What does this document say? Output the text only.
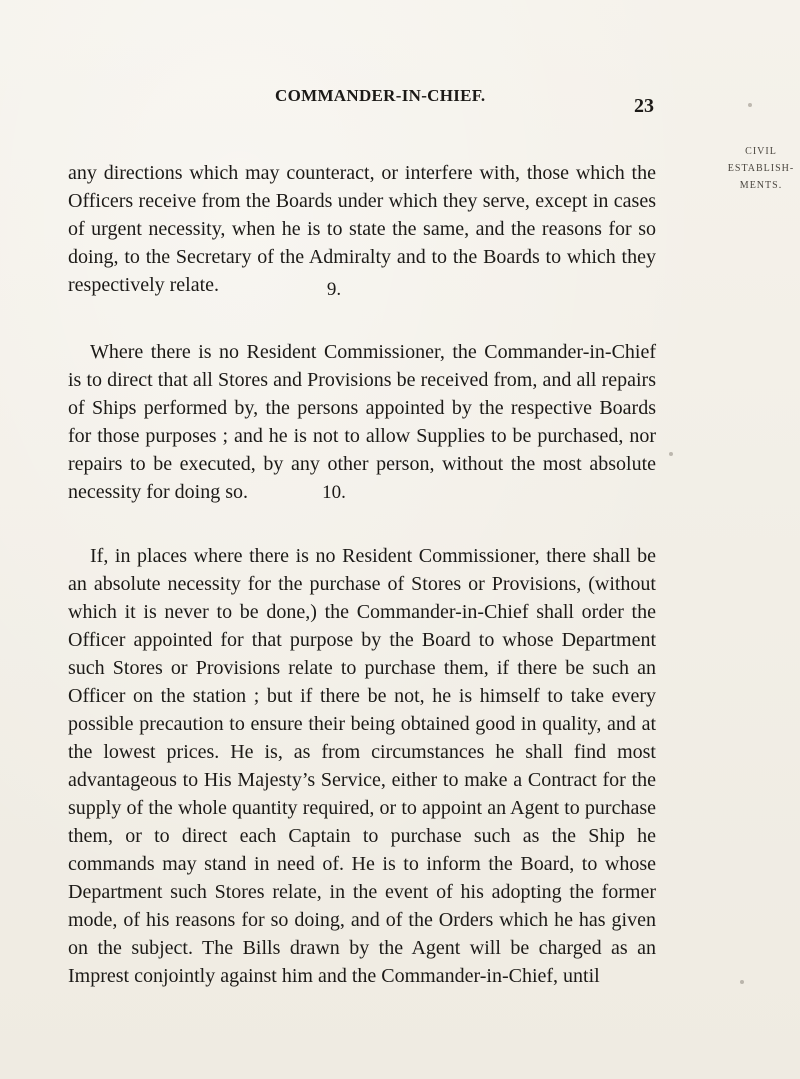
COMMANDER-IN-CHIEF.	23
CIVIL
ESTABLISH-
MENTS.

any directions which may counteract, or interfere with, those which the Officers receive from the Boards under which they serve, except in cases of urgent necessity, when he is to state the same, and the reasons for so doing, to the Secretary of the Admiralty and to the Boards to which they respectively relate.	9.

Where there is no Resident Commissioner, the Commander-in-Chief is to direct that all Stores and Provisions be received from, and all repairs of Ships performed by, the persons appointed by the respective Boards for those purposes ; and he is not to allow Supplies to be purchased, nor repairs to be executed, by any other person, without the most absolute necessity for doing so.	10.

If, in places where there is no Resident Commissioner, there shall be an absolute necessity for the purchase of Stores or Provisions, (without which it is never to be done,) the Commander-in-Chief shall order the Officer appointed for that purpose by the Board to whose Department such Stores or Provisions relate to purchase them, if there be such an Officer on the station ; but if there be not, he is himself to take every possible precaution to ensure their being obtained good in quality, and at the lowest prices. He is, as from circumstances he shall find most advantageous to His Majesty’s Service, either to make a Contract for the supply of the whole quantity required, or to appoint an Agent to purchase them, or to direct each Captain to purchase such as the Ship he commands may stand in need of. He is to inform the Board, to whose Department such Stores relate, in the event of his adopting the former mode, of his reasons for so doing, and of the Orders which he has given on the subject. The Bills drawn by the Agent will be charged as an Imprest conjointly against him and the Commander-in-Chief, until
